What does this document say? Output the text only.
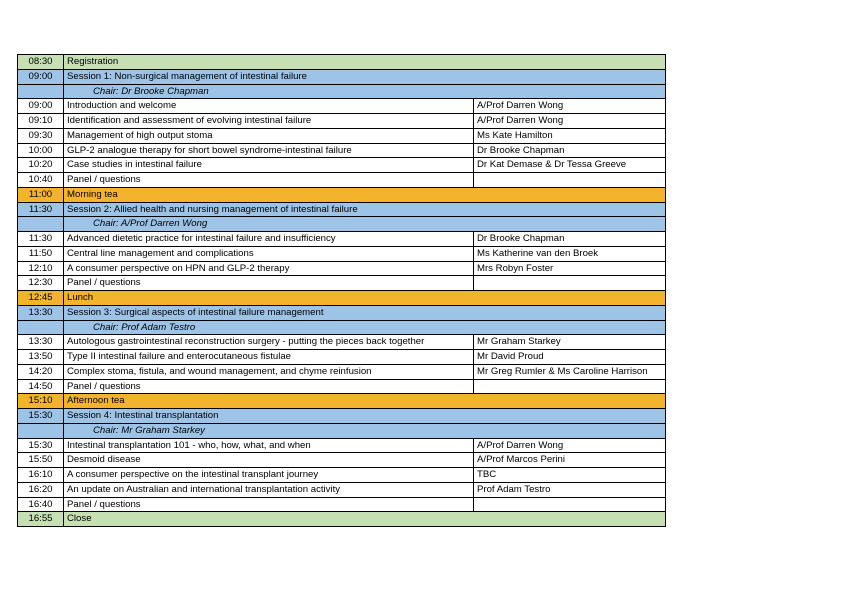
08:30	Registration	
09:00	Session 1: Non-surgical management of intestinal failure	
	Chair: Dr Brooke Chapman	
09:00	Introduction and welcome	A/Prof Darren Wong
09:10	Identification and assessment of evolving intestinal failure	A/Prof Darren Wong
09:30	Management of high output stoma	Ms Kate Hamilton
10:00	GLP-2 analogue therapy for short bowel syndrome-intestinal failure	Dr Brooke Chapman
10:20	Case studies in intestinal failure	Dr Kat Demase & Dr Tessa Greeve
10:40	Panel / questions	
11:00	Morning tea	
11:30	Session 2: Allied health and nursing management of intestinal failure	
	Chair: A/Prof Darren Wong	
11:30	Advanced dietetic practice for intestinal failure and insufficiency	Dr Brooke Chapman
11:50	Central line management and complications	Ms Katherine van den Broek
12:10	A consumer perspective on HPN and GLP-2 therapy	Mrs Robyn Foster
12:30	Panel / questions	
12:45	Lunch	
13:30	Session 3: Surgical aspects of intestinal failure management	
	Chair: Prof Adam Testro	
13:30	Autologous gastrointestinal reconstruction surgery - putting the pieces back together	Mr Graham Starkey
13:50	Type II intestinal failure and enterocutaneous fistulae	Mr David Proud
14:20	Complex stoma, fistula, and wound management, and chyme reinfusion	Mr Greg Rumler & Ms Caroline Harrison
14:50	Panel / questions	
15:10	Afternoon tea	
15:30	Session 4: Intestinal transplantation	
	Chair: Mr Graham Starkey	
15:30	Intestinal transplantation 101 - who, how, what, and when	A/Prof Darren Wong
15:50	Desmoid disease	A/Prof Marcos Perini
16:10	A consumer perspective on the intestinal transplant journey	TBC
16:20	An update on Australian and international transplantation activity	Prof Adam Testro
16:40	Panel / questions	
16:55	Close	
